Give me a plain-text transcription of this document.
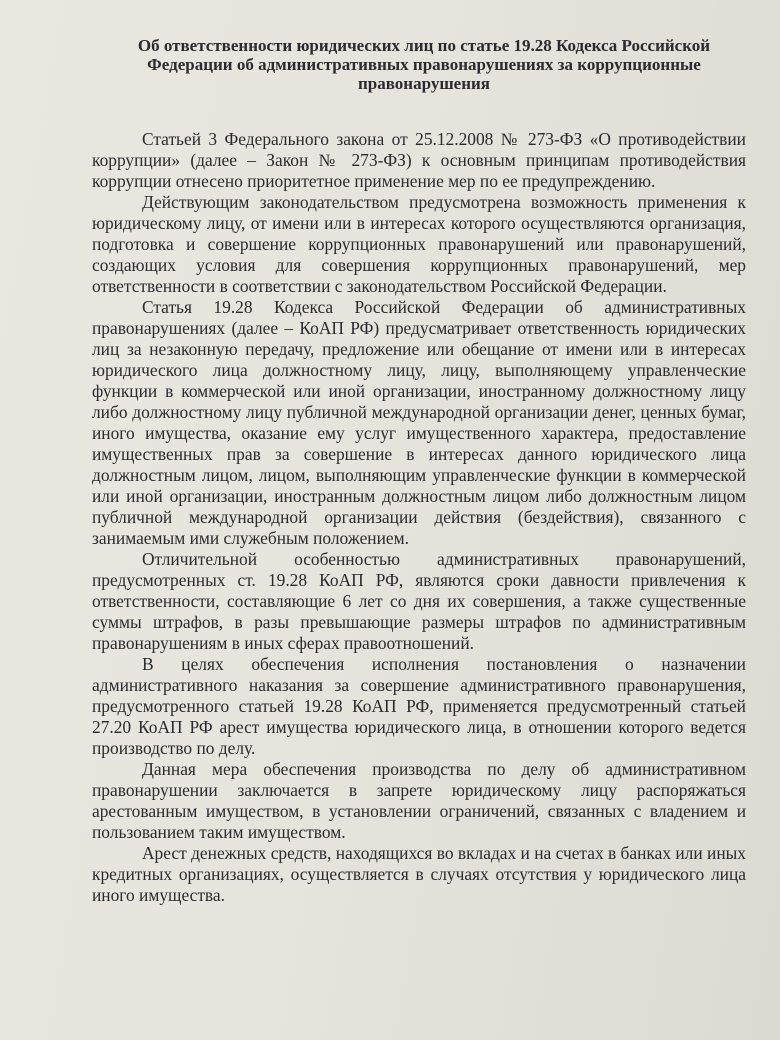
Об ответственности юридических лиц по статье 19.28 Кодекса Российской Федерации об административных правонарушениях за коррупционные правонарушения

Статьей 3 Федерального закона от 25.12.2008 № 273-ФЗ «О противодействии коррупции» (далее – Закон № 273-ФЗ) к основным принципам противодействия коррупции отнесено приоритетное применение мер по ее предупреждению.

Действующим законодательством предусмотрена возможность применения к юридическому лицу, от имени или в интересах которого осуществляются организация, подготовка и совершение коррупционных правонарушений или правонарушений, создающих условия для совершения коррупционных правонарушений, мер ответственности в соответствии с законодательством Российской Федерации.

Статья 19.28 Кодекса Российской Федерации об административных правонарушениях (далее – КоАП РФ) предусматривает ответственность юридических лиц за незаконную передачу, предложение или обещание от имени или в интересах юридического лица должностному лицу, лицу, выполняющему управленческие функции в коммерческой или иной организации, иностранному должностному лицу либо должностному лицу публичной международной организации денег, ценных бумаг, иного имущества, оказание ему услуг имущественного характера, предоставление имущественных прав за совершение в интересах данного юридического лица должностным лицом, лицом, выполняющим управленческие функции в коммерческой или иной организации, иностранным должностным лицом либо должностным лицом публичной международной организации действия (бездействия), связанного с занимаемым ими служебным положением.

Отличительной особенностью административных правонарушений, предусмотренных ст. 19.28 КоАП РФ, являются сроки давности привлечения к ответственности, составляющие 6 лет со дня их совершения, а также существенные суммы штрафов, в разы превышающие размеры штрафов по административным правонарушениям в иных сферах правоотношений.

В целях обеспечения исполнения постановления о назначении административного наказания за совершение административного правонарушения, предусмотренного статьей 19.28 КоАП РФ, применяется предусмотренный статьей 27.20 КоАП РФ арест имущества юридического лица, в отношении которого ведется производство по делу.

Данная мера обеспечения производства по делу об административном правонарушении заключается в запрете юридическому лицу распоряжаться арестованным имуществом, в установлении ограничений, связанных с владением и пользованием таким имуществом.

Арест денежных средств, находящихся во вкладах и на счетах в банках или иных кредитных организациях, осуществляется в случаях отсутствия у юридического лица иного имущества.
